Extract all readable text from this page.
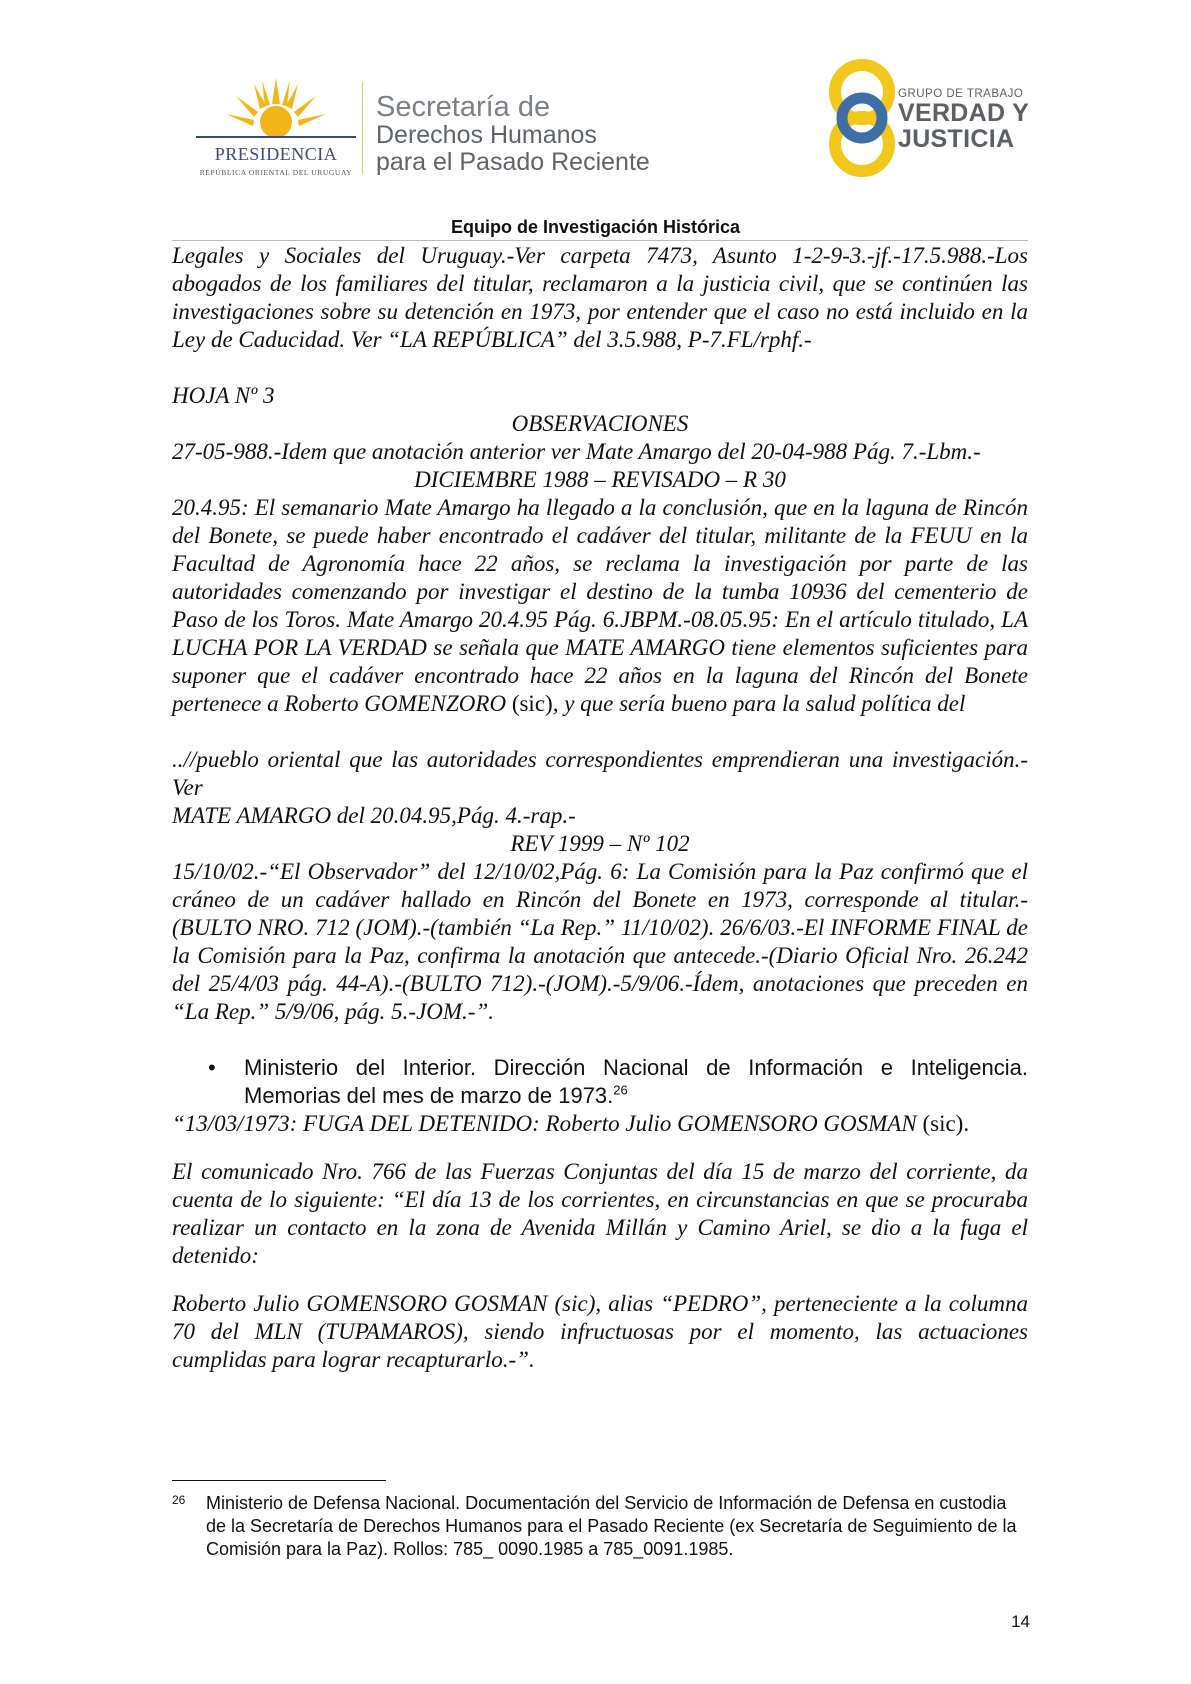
PRESIDENCIA
REPÚBLICA ORIENTAL DEL URUGUAY
Secretaría de
Derechos Humanos
para el Pasado Reciente
GRUPO DE TRABAJO
VERDAD Y
JUSTICIA
Equipo de Investigación Histórica

Legales y Sociales del Uruguay.-Ver carpeta 7473, Asunto 1-2-9-3.-jf.-17.5.988.-Los abogados de los familiares del titular, reclamaron a la justicia civil, que se continúen las investigaciones sobre su detención en 1973, por entender que el caso no está incluido en la Ley de Caducidad. Ver “LA REPÚBLICA” del 3.5.988, P-7.FL/rphf.-

HOJA Nº 3

OBSERVACIONES

27-05-988.-Idem que anotación anterior ver Mate Amargo del 20-04-988 Pág. 7.-Lbm.-

DICIEMBRE 1988 – REVISADO – R 30

20.4.95: El semanario Mate Amargo ha llegado a la conclusión, que en la laguna de Rincón del Bonete, se puede haber encontrado el cadáver del titular, militante de la FEUU en la Facultad de Agronomía hace 22 años, se reclama la investigación por parte de las autoridades comenzando por investigar el destino de la tumba 10936 del cementerio de Paso de los Toros. Mate Amargo 20.4.95 Pág. 6.JBPM.-08.05.95: En el artículo titulado, LA LUCHA POR LA VERDAD se señala que MATE AMARGO tiene elementos suficientes para suponer que el cadáver encontrado hace 22 años en la laguna del Rincón del Bonete pertenece a Roberto GOMENZORO (sic), y que sería bueno para la salud política del

..//pueblo oriental que las autoridades correspondientes emprendieran una investigación.-Ver

MATE AMARGO del 20.04.95,Pág. 4.-rap.-

REV 1999 – Nº 102

15/10/02.-“El Observador” del 12/10/02,Pág. 6: La Comisión para la Paz confirmó que el cráneo de un cadáver hallado en Rincón del Bonete en 1973, corresponde al titular.-(BULTO NRO. 712 (JOM).-(también “La Rep.” 11/10/02). 26/6/03.-El INFORME FINAL de la Comisión para la Paz, confirma la anotación que antecede.-(Diario Oficial Nro. 26.242 del 25/4/03 pág. 44-A).-(BULTO 712).-(JOM).-5/9/06.-Ídem, anotaciones que preceden en “La Rep.” 5/9/06, pág. 5.-JOM.-”.

• Ministerio del Interior. Dirección Nacional de Información e Inteligencia. Memorias del mes de marzo de 1973.26

“13/03/1973: FUGA DEL DETENIDO: Roberto Julio GOMENSORO GOSMAN (sic).

El comunicado Nro. 766 de las Fuerzas Conjuntas del día 15 de marzo del corriente, da cuenta de lo siguiente: “El día 13 de los corrientes, en circunstancias en que se procuraba realizar un contacto en la zona de Avenida Millán y Camino Ariel, se dio a la fuga el detenido:

Roberto Julio GOMENSORO GOSMAN (sic), alias “PEDRO”, perteneciente a la columna 70 del MLN (TUPAMAROS), siendo infructuosas por el momento, las actuaciones cumplidas para lograr recapturarlo.-”.

26 Ministerio de Defensa Nacional. Documentación del Servicio de Información de Defensa en custodia de la Secretaría de Derechos Humanos para el Pasado Reciente (ex Secretaría de Seguimiento de la Comisión para la Paz). Rollos: 785_ 0090.1985 a 785_0091.1985.
14
